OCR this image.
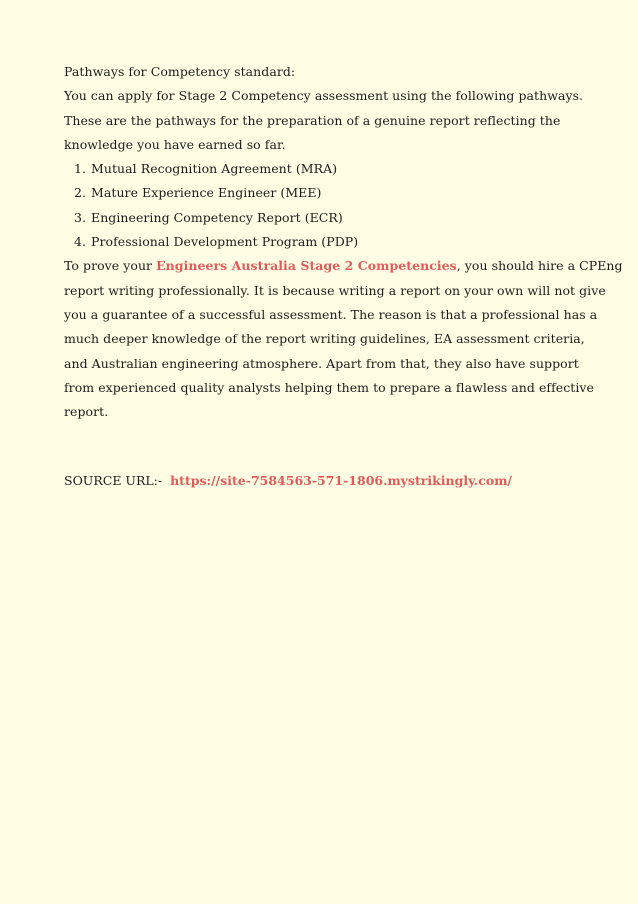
Pathways for Competency standard:
You can apply for Stage 2 Competency assessment using the following pathways.
These are the pathways for the preparation of a genuine report reflecting the
knowledge you have earned so far.
1. Mutual Recognition Agreement (MRA)
2. Mature Experience Engineer (MEE)
3. Engineering Competency Report (ECR)
4. Professional Development Program (PDP)
To prove your Engineers Australia Stage 2 Competencies, you should hire a CPEng
report writing professionally. It is because writing a report on your own will not give
you a guarantee of a successful assessment. The reason is that a professional has a
much deeper knowledge of the report writing guidelines, EA assessment criteria,
and Australian engineering atmosphere. Apart from that, they also have support
from experienced quality analysts helping them to prepare a flawless and effective
report.
SOURCE URL:- https://site-7584563-571-1806.mystrikingly.com/
